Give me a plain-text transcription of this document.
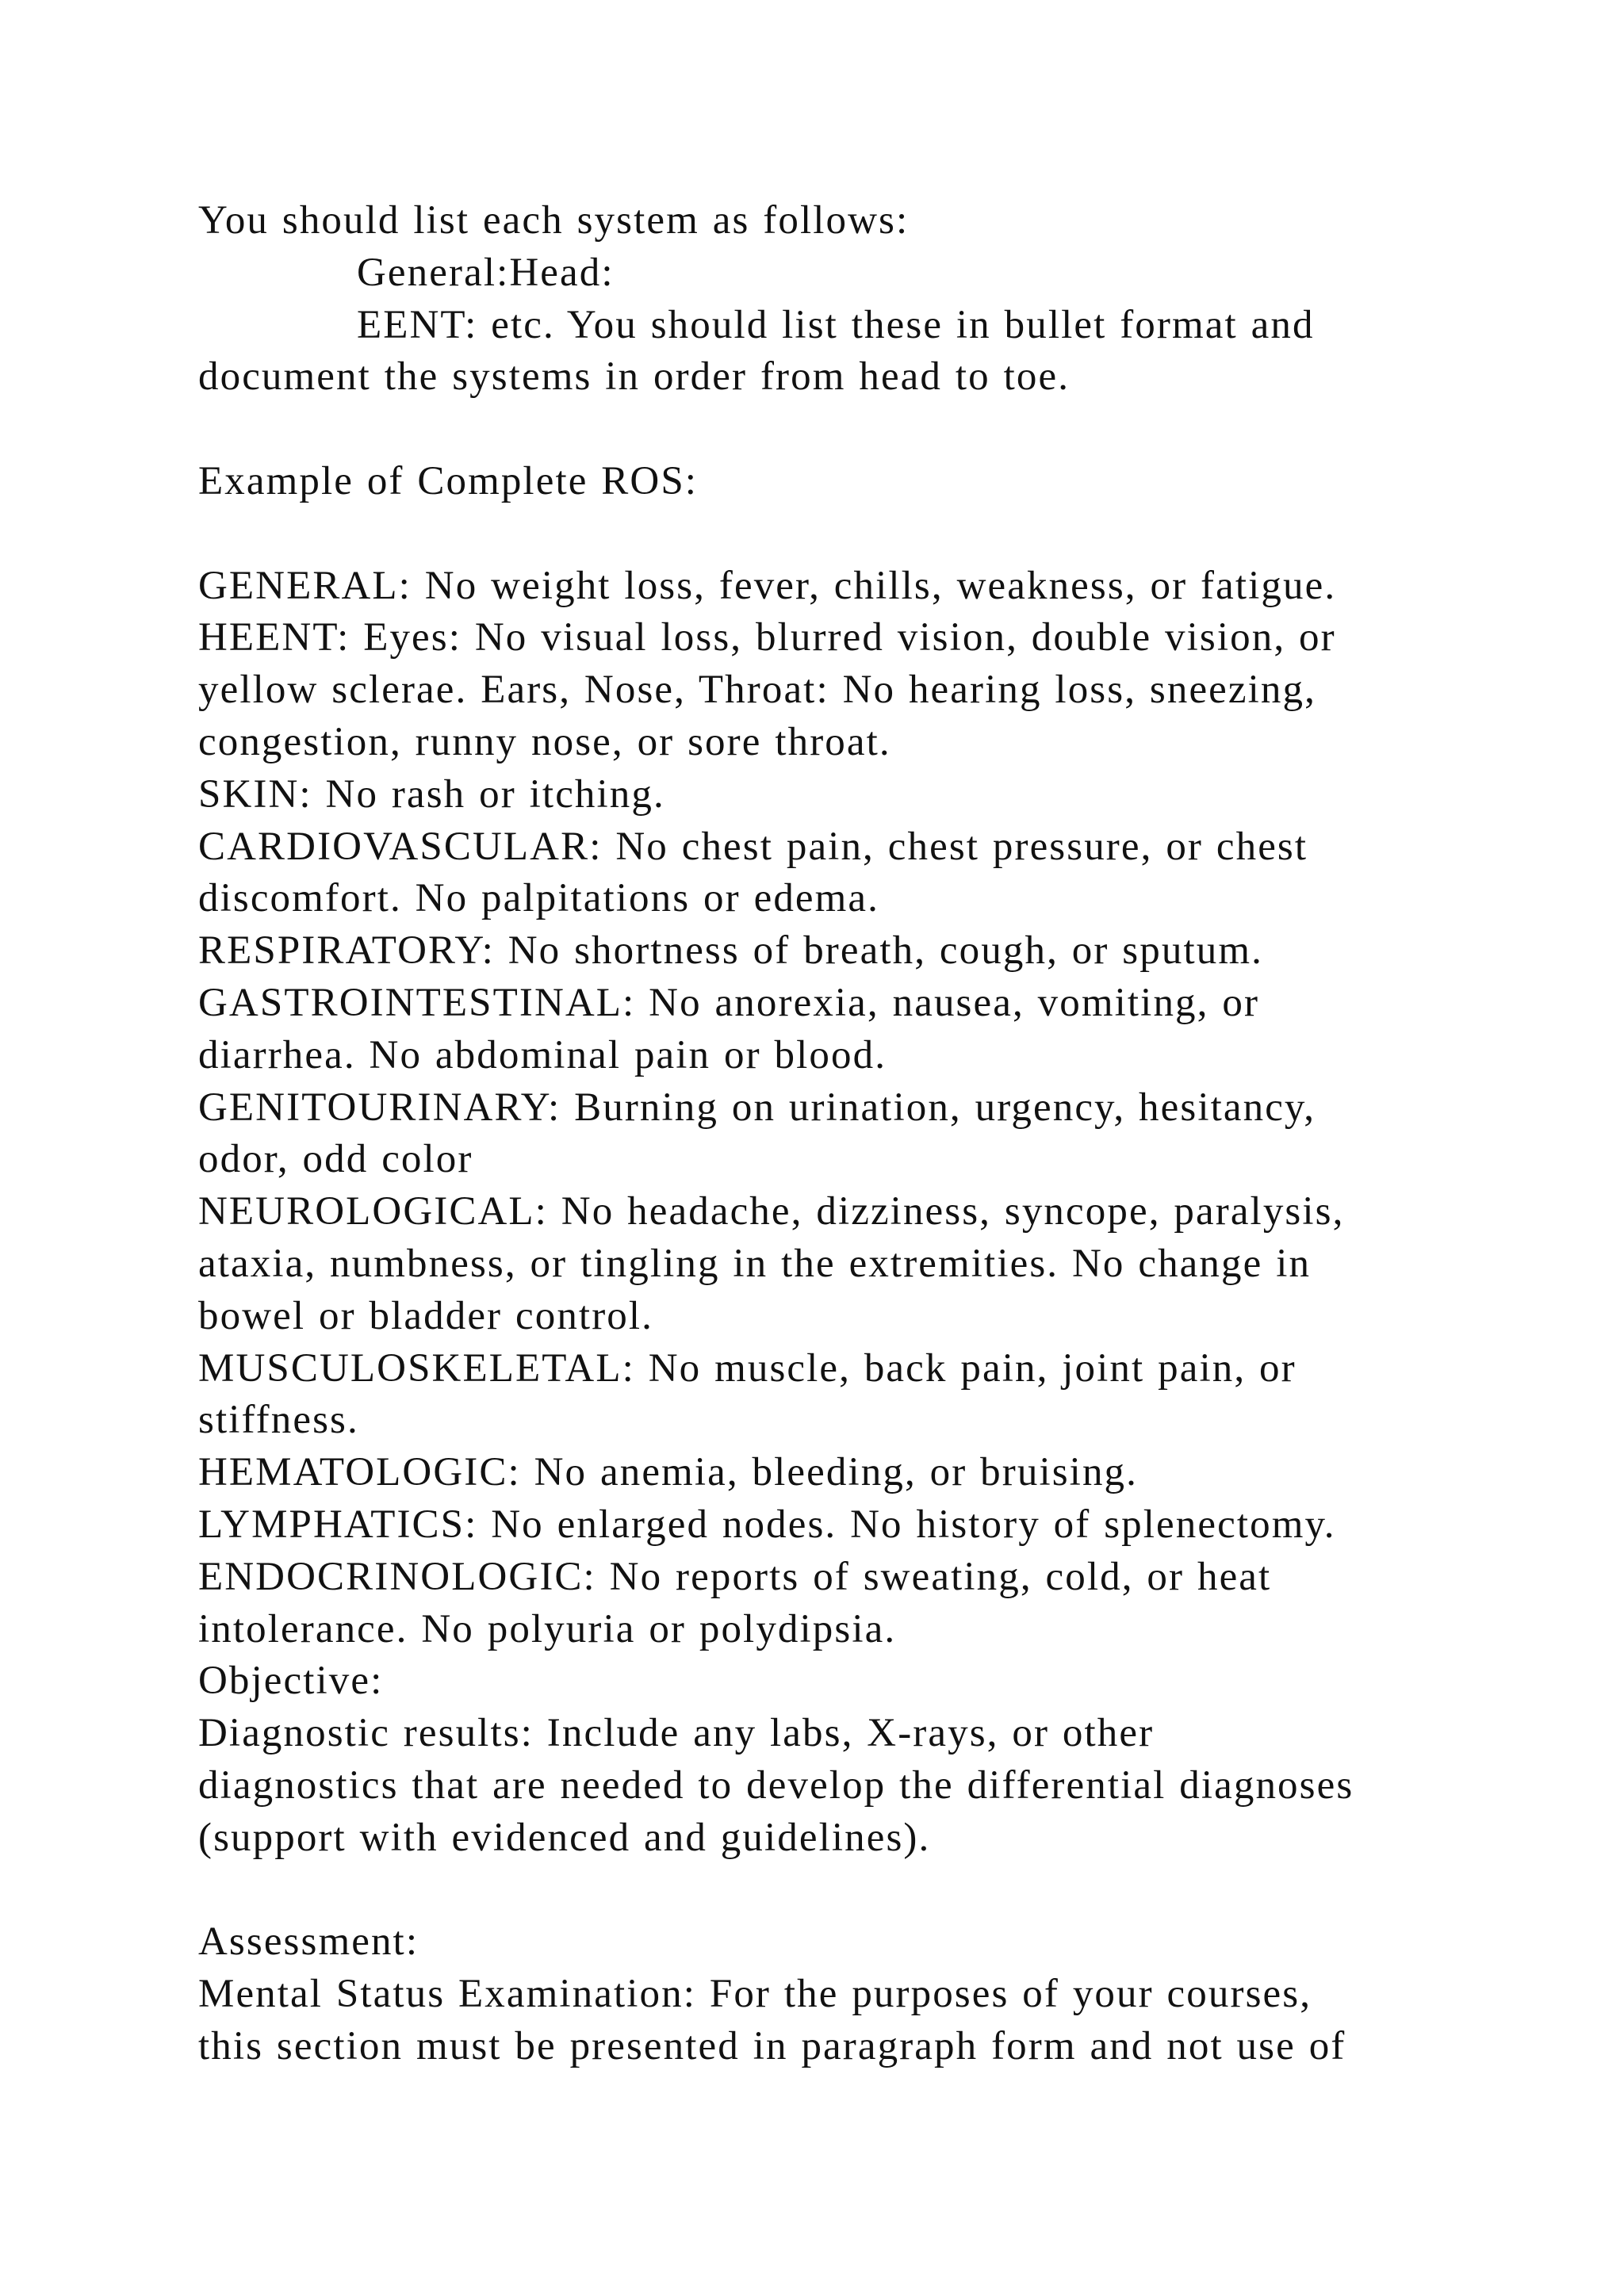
You should list each system as follows:
General:Head:
EENT: etc. You should list these in bullet format and
document the systems in order from head to toe.
Example of Complete ROS:
GENERAL: No weight loss, fever, chills, weakness, or fatigue.
HEENT: Eyes: No visual loss, blurred vision, double vision, or
yellow sclerae. Ears, Nose, Throat: No hearing loss, sneezing,
congestion, runny nose, or sore throat.
SKIN: No rash or itching.
CARDIOVASCULAR: No chest pain, chest pressure, or chest
discomfort. No palpitations or edema.
RESPIRATORY: No shortness of breath, cough, or sputum.
GASTROINTESTINAL: No anorexia, nausea, vomiting, or
diarrhea. No abdominal pain or blood.
GENITOURINARY: Burning on urination, urgency, hesitancy,
odor, odd color
NEUROLOGICAL: No headache, dizziness, syncope, paralysis,
ataxia, numbness, or tingling in the extremities. No change in
bowel or bladder control.
MUSCULOSKELETAL: No muscle, back pain, joint pain, or
stiffness.
HEMATOLOGIC: No anemia, bleeding, or bruising.
LYMPHATICS: No enlarged nodes. No history of splenectomy.
ENDOCRINOLOGIC: No reports of sweating, cold, or heat
intolerance. No polyuria or polydipsia.
Objective:
Diagnostic results: Include any labs, X-rays, or other
diagnostics that are needed to develop the differential diagnoses
(support with evidenced and guidelines).
Assessment:
Mental Status Examination: For the purposes of your courses,
this section must be presented in paragraph form and not use of
